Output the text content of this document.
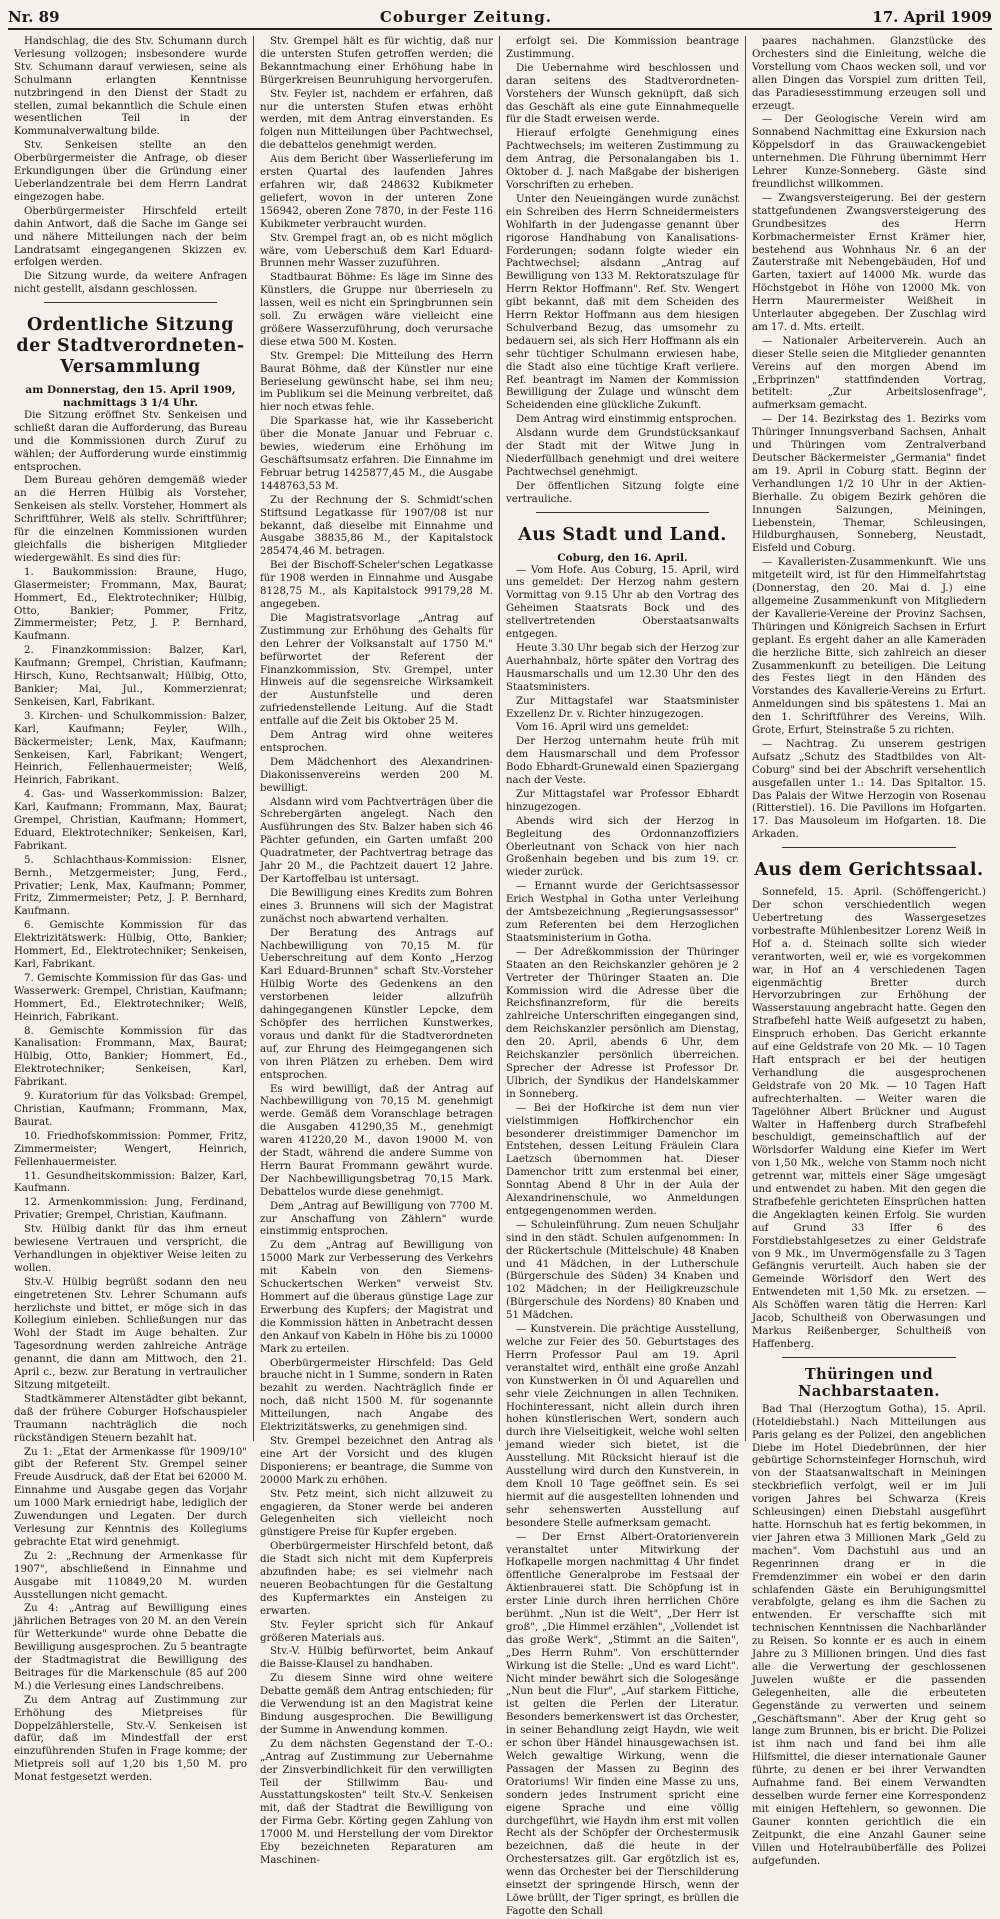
Nr. 89	Coburger Zeitung.	17. April 1909

Handschlag, die des Stv. Schumann durch Verlesung vollzogen; insbesondere wurde Stv. Schumann darauf verwiesen, seine als Schulmann erlangten Kenntnisse nutzbringend in den Dienst der Stadt zu stellen, zumal bekanntlich die Schule einen wesentlichen Teil in der Kommunalverwaltung bilde.

Stv. Senkeisen stellte an den Oberbürgermeister die Anfrage, ob dieser Erkundigungen über die Gründung einer Ueberlandzentrale bei dem Herrn Landrat eingezogen habe.

Oberbürgermeister Hirschfeld erteilt dahin Antwort, daß die Sache im Gange sei und nähere Mitteilungen nach der beim Landratsamt eingegangenen Skizzen ev. erfolgen werden.

Die Sitzung wurde, da weitere Anfragen nicht gestellt, alsdann geschlossen.

Ordentliche Sitzung der Stadtverordneten-Versammlung
am Donnerstag, den 15. April 1909, nachmittags 3 1/4 Uhr.

Die Sitzung eröffnet Stv. Senkeisen und schließt daran die Aufforderung, das Bureau und die Kommissionen durch Zuruf zu wählen; der Aufforderung wurde einstimmig entsprochen.

Dem Bureau gehören demgemäß wieder an die Herren Hülbig als Vorsteher, Senkeisen als stellv. Vorsteher, Hommert als Schriftführer, Welß als stellv. Schriftführer; für die einzelnen Kommissionen wurden gleichfalls die bisherigen Mitglieder wiedergewählt. Es sind dies für:

1. Baukommission: Braune, Hugo, Glasermeister; Frommann, Max, Baurat; Hommert, Ed., Elektrotechniker; Hülbig, Otto, Bankier; Pommer, Fritz, Zimmermeister; Petz, J. P. Bernhard, Kaufmann.

2. Finanzkommission: Balzer, Karl, Kaufmann; Grempel, Christian, Kaufmann; Hirsch, Kuno, Rechtsanwalt; Hülbig, Otto, Bankier; Mai, Jul., Kommerzienrat; Senkeisen, Karl, Fabrikant.

3. Kirchen- und Schulkommission: Balzer, Karl, Kaufmann; Feyler, Wilh., Bäckermeister; Lenk, Max, Kaufmann; Senkeisen, Karl, Fabrikant; Wengert, Heinrich, Fellenhauermeister; Welß, Heinrich, Fabrikant.

4. Gas- und Wasserkommission: Balzer, Karl, Kaufmann; Frommann, Max, Baurat; Grempel, Christian, Kaufmann; Hommert, Eduard, Elektrotechniker; Senkeisen, Karl, Fabrikant.

5. Schlachthaus-Kommission: Elsner, Bernh., Metzgermeister; Jung, Ferd., Privatier; Lenk, Max, Kaufmann; Pommer, Fritz, Zimmermeister; Petz, J. P. Bernhard, Kaufmann.

6. Gemischte Kommission für das Elektrizitätswerk: Hülbig, Otto, Bankier; Hommert, Ed., Elektrotechniker; Senkeisen, Karl, Fabrikant.

7. Gemischte Kommission für das Gas- und Wasserwerk: Grempel, Christian, Kaufmann; Hommert, Ed., Elektrotechniker; Welß, Heinrich, Fabrikant.

8. Gemischte Kommission für das Kanalisation: Frommann, Max, Baurat; Hülbig, Otto, Bankier; Hommert, Ed., Elektrotechniker; Senkeisen, Karl, Fabrikant.

9. Kuratorium für das Volksbad: Grempel, Christian, Kaufmann; Frommann, Max, Baurat.

10. Friedhofskommission: Pommer, Fritz, Zimmermeister; Wengert, Heinrich, Fellenhauermeister.

11. Gesundheitskommission: Balzer, Karl, Kaufmann.

12. Armenkommission: Jung, Ferdinand, Privatier; Grempel, Christian, Kaufmann.

Stv. Hülbig dankt für das ihm erneut bewiesene Vertrauen und verspricht, die Verhandlungen in objektiver Weise leiten zu wollen.

Stv.-V. Hülbig begrüßt sodann den neu eingetretenen Stv. Lehrer Schumann aufs herzlichste und bittet, er möge sich in das Kollegium einleben. Schließungen nur das Wohl der Stadt im Auge behalten. Zur Tagesordnung werden zahlreiche Anträge genannt, die dann am Mittwoch, den 21. April c., bezw. zur Beratung in vertraulicher Sitzung mitgeteilt.

Stadtkämmerer Altenstädter gibt bekannt, daß der frühere Coburger Hofschauspieler Traumann nachträglich die noch rückständigen Steuern bezahlt hat.

Zu 1: „Etat der Armenkasse für 1909/10" gibt der Referent Stv. Grempel seiner Freude Ausdruck, daß der Etat bei 62000 M. Einnahme und Ausgabe gegen das Vorjahr um 1000 Mark erniedrigt habe, lediglich der Zuwendungen und Legaten. Der durch Verlesung zur Kenntnis des Kollegiums gebrachte Etat wird genehmigt.

Zu 2: „Rechnung der Armenkasse für 1907", abschließend in Einnahme und Ausgabe mit 110849,20 M. wurden Ausstellungen nicht gemacht.

Zu 4: „Antrag auf Bewilligung eines jährlichen Betrages von 20 M. an den Verein für Wetterkunde" wurde ohne Debatte die Bewilligung ausgesprochen. Zu 5 beantragte der Stadtmagistrat die Bewilligung des Beitrages für die Markenschule (85 auf 200 M.) die Verlesung eines Landschreibens.

Zu dem Antrag auf Zustimmung zur Erhöhung des Mietpreises für Doppelzählerstelle, Stv.-V. Senkeisen ist dafür, daß im Mindestfall der erst einzuführenden Stufen in Frage komme; der Mietpreis soll auf 1,20 bis 1,50 M. pro Monat festgesetzt werden.

Stv. Grempel hält es für wichtig, daß nur die untersten Stufen getroffen werden; die Bekanntmachung einer Erhöhung habe in Bürgerkreisen Beunruhigung hervorgerufen.

Stv. Feyler ist, nachdem er erfahren, daß nur die untersten Stufen etwas erhöht werden, mit dem Antrag einverstanden. Es folgen nun Mitteilungen über Pachtwechsel, die debattelos genehmigt werden.

Aus dem Bericht über Wasserlieferung im ersten Quartal des laufenden Jahres erfahren wir, daß 248632 Kubikmeter geliefert, wovon in der unteren Zone 156942, oberen Zone 7870, in der Feste 116 Kubikmeter verbraucht wurden.

Stv. Grempel fragt an, ob es nicht möglich wäre, vom Ueberschuß dem Karl Eduard-Brunnen mehr Wasser zuzuführen.

Stadtbaurat Böhme: Es läge im Sinne des Künstlers, die Gruppe nur überrieseln zu lassen, weil es nicht ein Springbrunnen sein soll. Zu erwägen wäre vielleicht eine größere Wasserzuführung, doch verursache diese etwa 500 M. Kosten.

Stv. Grempel: Die Mitteilung des Herrn Baurat Böhme, daß der Künstler nur eine Berieselung gewünscht habe, sei ihm neu; im Publikum sei die Meinung verbreitet, daß hier noch etwas fehle.

Die Sparkasse hat, wie ihr Kassebericht über die Monate Januar und Februar c. bewies, wiederum eine Erhöhung im Geschäftsumsatz erfahren. Die Einnahme im Februar betrug 1425877,45 M., die Ausgabe 1448763,53 M.

Zu der Rechnung der S. Schmidt'schen Stiftsund Legatkasse für 1907/08 ist nur bekannt, daß dieselbe mit Einnahme und Ausgabe 38835,86 M., der Kapitalstock 285474,46 M. betragen.

Bei der Bischoff-Scheler'schen Legatkasse für 1908 werden in Einnahme und Ausgabe 8128,75 M., als Kapitalstock 99179,28 M. angegeben.

Die Magistratsvorlage „Antrag auf Zustimmung zur Erhöhung des Gehalts für den Lehrer der Volksanstalt auf 1750 M." befürwortet der Referent der Finanzkommission, Stv. Grempel, unter Hinweis auf die segensreiche Wirksamkeit der Austunfstelle und deren zufriedenstellende Leitung. Auf die Stadt entfalle auf die Zeit bis Oktober 25 M.

Dem Antrag wird ohne weiteres entsprochen.

Dem Mädchenhort des Alexandrinen-Diakonissenvereins werden 200 M. bewilligt.

Alsdann wird vom Pachtverträgen über die Schrebergärten angelegt. Nach den Ausführungen des Stv. Balzer haben sich 46 Pächter gefunden, ein Garten umfaßt 200 Quadratmeter, der Pachtvertrag betrage das Jahr 20 M., die Pachtzeit dauert 12 Jahre. Der Kartoffelbau ist untersagt.

Die Bewilligung eines Kredits zum Bohren eines 3. Brunnens will sich der Magistrat zunächst noch abwartend verhalten.

Der Beratung des Antrags auf Nachbewilligung von 70,15 M. für Ueberschreitung auf dem Konto „Herzog Karl Eduard-Brunnen" schaft Stv.-Vorsteher Hülbig Worte des Gedenkens an den verstorbenen leider allzufrüh dahingegangenen Künstler Lepcke, dem Schöpfer des herrlichen Kunstwerkes, voraus und dankt für die Stadtverordneten auf, zur Ehrung des Heimgegangenen sich von ihren Plätzen zu erheben. Dem wird entsprochen.

Es wird bewilligt, daß der Antrag auf Nachbewilligung von 70,15 M. genehmigt werde. Gemäß dem Voranschlage betragen die Ausgaben 41290,35 M., genehmigt waren 41220,20 M., davon 19000 M. von der Stadt, während die andere Summe von Herrn Baurat Frommann gewährt wurde. Der Nachbewilligungsbetrag 70,15 Mark. Debattelos wurde diese genehmigt.

Dem „Antrag auf Bewilligung von 7700 M. zur Anschaffung von Zählern" wurde einstimmig entsprochen.

Zu dem „Antrag auf Bewilligung von 15000 Mark zur Verbesserung des Verkehrs mit Kabeln von den Siemens-Schuckertschen Werken" verweist Stv. Hommert auf die überaus günstige Lage zur Erwerbung des Kupfers; der Magistrat und die Kommission hätten in Anbetracht dessen den Ankauf von Kabeln in Höhe bis zu 10000 Mark zu erteilen.

Oberbürgermeister Hirschfeld: Das Geld brauche nicht in 1 Summe, sondern in Raten bezahlt zu werden. Nachträglich finde er noch, daß nicht 1500 M. für sogenannte Mitteilungen, nach Angabe des Elektrizitätswerks, zu genehmigen sind.

Stv. Grempel bezeichnet den Antrag als eine Art der Vorsicht und des klugen Disponierens; er beantrage, die Summe von 20000 Mark zu erhöhen.

Stv. Petz meint, sich nicht allzuweit zu engagieren, da Stoner werde bei anderen Gelegenheiten sich vielleicht noch günstigere Preise für Kupfer ergeben.

Oberbürgermeister Hirschfeld betont, daß die Stadt sich nicht mit dem Kupferpreis abzufinden habe; es sei vielmehr nach neueren Beobachtungen für die Gestaltung des Kupfermarktes ein Ansteigen zu erwarten.

Stv. Feyler spricht sich für Ankauf größeren Materials aus.

Stv.-V. Hülbig befürwortet, beim Ankauf die Baisse-Klausel zu handhaben.

Zu diesem Sinne wird ohne weitere Debatte gemäß dem Antrag entschieden; für die Verwendung ist an den Magistrat keine Bindung ausgesprochen. Die Bewilligung der Summe in Anwendung kommen.

Zu dem nächsten Gegenstand der T.-O.: „Antrag auf Zustimmung zur Uebernahme der Zinsverbindlichkeit für den verwilligten Teil der Stillwimm Bau- und Ausstattungskosten" teilt Stv.-V. Senkeisen mit, daß der Stadtrat die Bewilligung von der Firma Gebr. Körting gegen Zahlung von 17000 M. und Herstellung der vom Direktor Eby bezeichneten Reparaturen am Maschinen-

erfolgt sei. Die Kommission beantrage Zustimmung.

Die Uebernahme wird beschlossen und daran seitens des Stadtverordneten-Vorstehers der Wunsch geknüpft, daß sich das Geschäft als eine gute Einnahmequelle für die Stadt erweisen werde.

Hierauf erfolgte Genehmigung eines Pachtwechsels; im weiteren Zustimmung zu dem Antrag, die Personalangaben bis 1. Oktober d. J. nach Maßgabe der bisherigen Vorschriften zu erheben.

Unter den Neueingängen wurde zunächst ein Schreiben des Herrn Schneidermeisters Wohlfarth in der Judengasse genannt über rigorose Handhabung von Kanalisations-Forderungen; sodann folgte wieder ein Pachtwechsel; alsdann „Antrag auf Bewilligung von 133 M. Rektoratszulage für Herrn Rektor Hoffmann". Ref. Stv. Wengert gibt bekannt, daß mit dem Scheiden des Herrn Rektor Hoffmann aus dem hiesigen Schulverband Bezug, das umsomehr zu bedauern sei, als sich Herr Hoffmann als ein sehr tüchtiger Schulmann erwiesen habe, die Stadt also eine tüchtige Kraft verliere. Ref. beantragt im Namen der Kommission Bewilligung der Zulage und wünscht dem Scheidenden eine glückliche Zukunft.

Dem Antrag wird einstimmig entsprochen.

Alsdann wurde dem Grundstücksankauf der Stadt mit der Witwe Jung in Niederfüllbach genehmigt und drei weitere Pachtwechsel genehmigt.

Der öffentlichen Sitzung folgte eine vertrauliche.

Aus Stadt und Land.
Coburg, den 16. April.

— Vom Hofe. Aus Coburg, 15. April, wird uns gemeldet: Der Herzog nahm gestern Vormittag von 9.15 Uhr ab den Vortrag des Geheimen Staatsrats Bock und des stellvertretenden Oberstaatsanwalts entgegen.

Heute 3.30 Uhr begab sich der Herzog zur Auerhahnbalz, hörte später den Vortrag des Hausmarschalls und um 12.30 Uhr den des Staatsministers.

Zur Mittagstafel war Staatsminister Exzellenz Dr. v. Richter hinzugezogen.

Vom 16. April wird uns gemeldet:

Der Herzog unternahm heute früh mit dem Hausmarschall und dem Professor Bodo Ebhardt-Grunewald einen Spaziergang nach der Veste.

Zur Mittagstafel war Professor Ebhardt hinzugezogen.

Abends wird sich der Herzog in Begleitung des Ordonnanzoffiziers Oberleutnant von Schack von hier nach Großenhain begeben und bis zum 19. cr. wieder zurück.

— Ernannt wurde der Gerichtsassessor Erich Westphal in Gotha unter Verleihung der Amtsbezeichnung „Regierungsassessor" zum Referenten bei dem Herzoglichen Staatsministerium in Gotha.

— Der Adreßkommission der Thüringer Staaten an den Reichskanzler gehören je 2 Vertreter der Thüringer Staaten an. Die Kommission wird die Adresse über die Reichsfinanzreform, für die bereits zahlreiche Unterschriften eingegangen sind, dem Reichskanzler persönlich am Dienstag, den 20. April, abends 6 Uhr, dem Reichskanzler persönlich überreichen. Sprecher der Adresse ist Professor Dr. Ulbrich, der Syndikus der Handelskammer in Sonneberg.

— Bei der Hofkirche ist dem nun vier vielstimmigen Hoffkirchenchor ein besonderer dreistimmiger Damenchor im Entstehen, dessen Leitung Fräulein Clara Laetzsch übernommen hat. Dieser Damenchor tritt zum erstenmal bei einer, Sonntag Abend 8 Uhr in der Aula der Alexandrinenschule, wo Anmeldungen entgegengenommen werden.

— Schuleinführung. Zum neuen Schuljahr sind in den städt. Schulen aufgenommen: In der Rückertschule (Mittelschule) 48 Knaben und 41 Mädchen, in der Lutherschule (Bürgerschule des Süden) 34 Knaben und 102 Mädchen; in der Heiligkreuzschule (Bürgerschule des Nordens) 80 Knaben und 51 Mädchen.

— Kunstverein. Die prächtige Ausstellung, welche zur Feier des 50. Geburtstages des Herrn Professor Paul am 19. April veranstaltet wird, enthält eine große Anzahl von Kunstwerken in Öl und Aquarellen und sehr viele Zeichnungen in allen Techniken. Hochinteressant, nicht allein durch ihren hohen künstlerischen Wert, sondern auch durch ihre Vielseitigkeit, welche wohl selten jemand wieder sich bietet, ist die Ausstellung. Mit Rücksicht hierauf ist die Ausstellung wird durch den Kunstverein, in dem Knoll 10 Tage geöffnet sein. Es sei hiermit auf die ausgestellten lohnenden und sehr sehenswerten Ausstellung auf besondere Stelle aufmerksam gemacht.

— Der Ernst Albert-Oratorienverein veranstaltet unter Mitwirkung der Hofkapelle morgen nachmittag 4 Uhr findet öffentliche Generalprobe im Festsaal der Aktienbrauerei statt. Die Schöpfung ist in erster Linie durch ihren herrlichen Chöre berühmt. „Nun ist die Welt", „Der Herr ist groß", „Die Himmel erzählen", „Vollendet ist das große Werk", „Stimmt an die Saiten", „Des Herrn Ruhm". Von erschütternder Wirkung ist die Stelle: „Und es ward Licht". Nicht minder bewährt sich die Sologesänge „Nun beut die Flur", „Auf starkem Fittiche, ist gelten die Perlen der Literatur. Besonders bemerkenswert ist das Orchester, in seiner Behandlung zeigt Haydn, wie weit er schon über Händel hinausgewachsen ist. Welch gewaltige Wirkung, wenn die Passagen der Massen zu Beginn des Oratoriums! Wir finden eine Masse zu uns, sondern jedes Instrument spricht eine eigene Sprache und eine völlig durchgeführt, wie Haydn ihm erst mit vollen Recht als der Schöpfer der Orchestermusik bezeichnen, daß die heute in der Orchestersatzes gilt. Gar ergötzlich ist es, wenn das Orchester bei der Tierschilderung einsetzt der springende Hirsch, wenn der Löwe brüllt, der Tiger springt, es brüllen die Fagotte den Schall

paares nachahmen. Glanzstücke des Orchesters sind die Einleitung, welche die Vorstellung vom Chaos wecken soll, und vor allen Dingen das Vorspiel zum dritten Teil, das Paradiesesstimmung erzeugen soll und erzeugt.

— Der Geologische Verein wird am Sonnabend Nachmittag eine Exkursion nach Köppelsdorf in das Grauwackengebiet unternehmen. Die Führung übernimmt Herr Lehrer Kunze-Sonneberg. Gäste sind freundlichst willkommen.

— Zwangsversteigerung. Bei der gestern stattgefundenen Zwangsversteigerung des Grundbesitzes des Herrn Korbmachermeister Ernst Krämer hier, bestehend aus Wohnhaus Nr. 6 an der Zauterstraße mit Nebengebäuden, Hof und Garten, taxiert auf 14000 Mk. wurde das Höchstgebot in Höhe von 12000 Mk. von Herrn Maurermeister Weißheit in Unterlauter abgegeben. Der Zuschlag wird am 17. d. Mts. erteilt.

— Nationaler Arbeiterverein. Auch an dieser Stelle seien die Mitglieder genannten Vereins auf den morgen Abend im „Erbprinzen" stattfindenden Vortrag, betitelt: „Zur Arbeitslosenfrage", aufmerksam gemacht.

— Der 14. Bezirkstag des 1. Bezirks vom Thüringer Innungsverband Sachsen, Anhalt und Thüringen vom Zentralverband Deutscher Bäckermeister „Germania" findet am 19. April in Coburg statt. Beginn der Verhandlungen 1/2 10 Uhr in der Aktien-Bierhalle. Zu obigem Bezirk gehören die Innungen Salzungen, Meiningen, Liebenstein, Themar, Schleusingen, Hildburghausen, Sonneberg, Neustadt, Eisfeld und Coburg.

— Kavalleristen-Zusammenkunft. Wie uns mitgeteilt wird, ist für den Himmelfahrtstag (Donnerstag, den 20. Mai d. J.) eine allgemeine Zusammenkunft von Mitgliedern der Kavallerie-Vereine der Provinz Sachsen, Thüringen und Königreich Sachsen in Erfurt geplant. Es ergeht daher an alle Kameraden die herzliche Bitte, sich zahlreich an dieser Zusammenkunft zu beteiligen. Die Leitung des Festes liegt in den Händen des Vorstandes des Kavallerie-Vereins zu Erfurt. Anmeldungen sind bis spätestens 1. Mai an den 1. Schriftführer des Vereins, Wilh. Grote, Erfurt, Steinstraße 5 zu richten.

— Nachtrag. Zu unserem gestrigen Aufsatz „Schutz des Stadtbildes von Alt-Coburg" sind bei der Abschrift versehentlich ausgefallen unter 1.: 14. Das Spitaltor. 15. Das Palais der Witwe Herzogin von Rosenau (Ritterstiel). 16. Die Pavillons im Hofgarten. 17. Das Mausoleum im Hofgarten. 18. Die Arkaden.

Aus dem Gerichtssaal.

Sonnefeld, 15. April. (Schöffengericht.) Der schon verschiedentlich wegen Uebertretung des Wassergesetzes vorbestrafte Mühlenbesitzer Lorenz Weiß in Hof a. d. Steinach sollte sich wieder verantworten, weil er, wie es vorgekommen war, in Hof an 4 verschiedenen Tagen eigenmächtig Bretter durch Hervorzubringen zur Erhöhung der Wasserstauung angebracht hatte. Gegen den Strafbefehl hatte Weiß aufgesetzt zu haben, Einspruch erhoben. Das Gericht erkannte auf eine Geldstrafe von 20 Mk. — 10 Tagen Haft entsprach er bei der heutigen Verhandlung die ausgesprochenen Geldstrafe von 20 Mk. — 10 Tagen Haft aufrechterhalten. — Weiter waren die Tagelöhner Albert Brückner und August Walter in Haffenberg durch Strafbefehl beschuldigt, gemeinschaftlich auf der Wörlsdorfer Waldung eine Kiefer im Wert von 1,50 Mk., welche von Stamm noch nicht getrennt war, mittels einer Säge umgesägt und entwendet zu haben. Mit den gegen die Strafbefehle gerichteten Einsprüchen hatten die Angeklagten keinen Erfolg. Sie wurden auf Grund 33 Iffer 6 des Forstdiebstahlgesetzes zu einer Geldstrafe von 9 Mk., im Unvermögensfalle zu 3 Tagen Gefängnis verurteilt. Auch haben sie der Gemeinde Wörlsdorf den Wert des Entwendeten mit 1,50 Mk. zu ersetzen. — Als Schöffen waren tätig die Herren: Karl Jacob, Schultheiß von Oberwasungen und Markus Reißenberger, Schultheiß von Haffenberg.

Thüringen und Nachbarstaaten.

Bad Thal (Herzogtum Gotha), 15. April. (Hoteldiebstahl.) Nach Mitteilungen aus Paris gelang es der Polizei, den angeblichen Diebe im Hotel Diedebrünnen, der hier gebürtige Schornsteinfeger Hornschuh, wird von der Staatsanwaltschaft in Meiningen steckbrieflich verfolgt, weil er im Juli vorigen Jahres bei Schwarza (Kreis Schleusingen) einen Diebstahl ausgeführt hatte. Hornschuh hat es fertig bekommen, in vier Jahren etwa 3 Millionen Mark „Geld zu machen". Vom Dachstuhl aus und an Regenrinnen drang er in die Fremdenzimmer ein wobei er den darin schlafenden Gäste ein Beruhigungsmittel verabfolgte, gelang es ihm die Sachen zu entwenden. Er verschaffte sich mit technischen Kenntnissen die Nachbarländer zu Reisen. So konnte er es auch in einem Jahre zu 3 Millionen bringen. Und dies fast alle die Verwertung der geschlossenen Juwelen wußte er die passenden Gelegenheiten, alle die erbeuteten Gegenstände zu verwerten und seinem „Geschäftsmann". Aber der Krug geht so lange zum Brunnen, bis er bricht. Die Polizei ist ihm nach und fand bei ihm alle Hilfsmittel, die dieser internationale Gauner führte, zu denen er bei ihrer Verwandten Aufnahme fand. Bei einem Verwandten desselben wurde ferner eine Korrespondenz mit einigen Heftehlern, so gewonnen. Die Gauner konnten gerichtlich die ein Zeitpunkt, die eine Anzahl Gauner seine Villen und Hotelraubüberfälle des Polizei aufgefunden.
